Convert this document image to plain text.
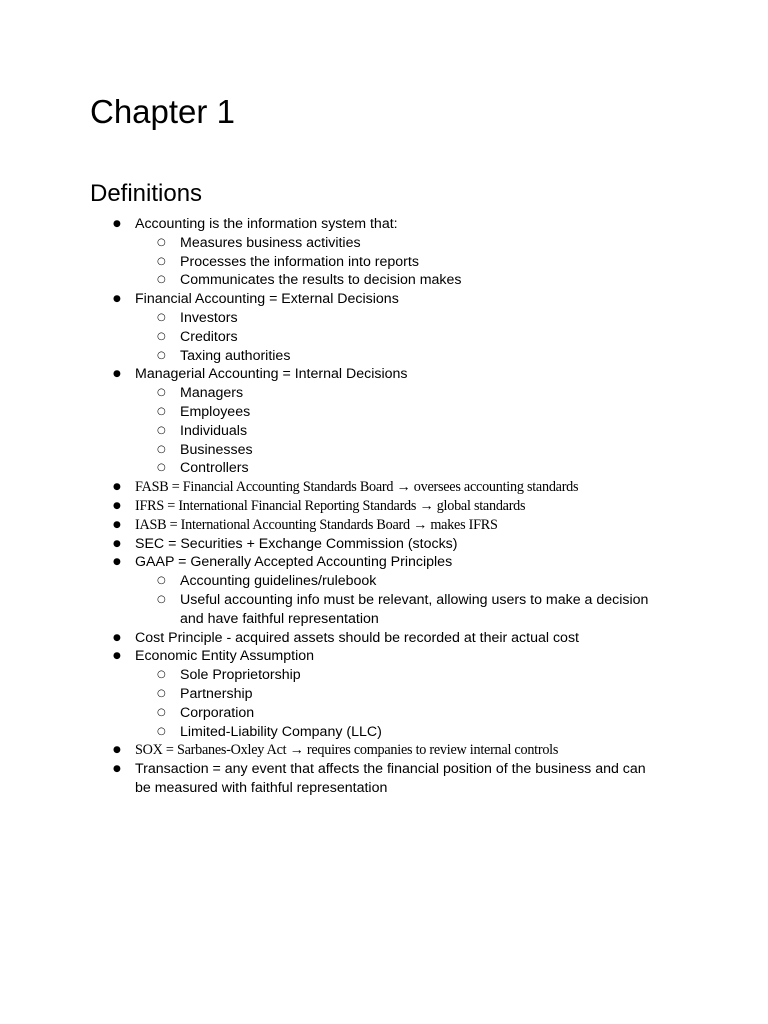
Chapter 1
Definitions
● Accounting is the information system that:
○ Measures business activities
○ Processes the information into reports
○ Communicates the results to decision makes
● Financial Accounting = External Decisions
○ Investors
○ Creditors
○ Taxing authorities
● Managerial Accounting = Internal Decisions
○ Managers
○ Employees
○ Individuals
○ Businesses
○ Controllers
● FASB = Financial Accounting Standards Board → oversees accounting standards
● IFRS = International Financial Reporting Standards → global standards
● IASB = International Accounting Standards Board → makes IFRS
● SEC = Securities + Exchange Commission (stocks)
● GAAP = Generally Accepted Accounting Principles
○ Accounting guidelines/rulebook
○ Useful accounting info must be relevant, allowing users to make a decision and have faithful representation
● Cost Principle - acquired assets should be recorded at their actual cost
● Economic Entity Assumption
○ Sole Proprietorship
○ Partnership
○ Corporation
○ Limited-Liability Company (LLC)
● SOX = Sarbanes-Oxley Act → requires companies to review internal controls
● Transaction = any event that affects the financial position of the business and can be measured with faithful representation
